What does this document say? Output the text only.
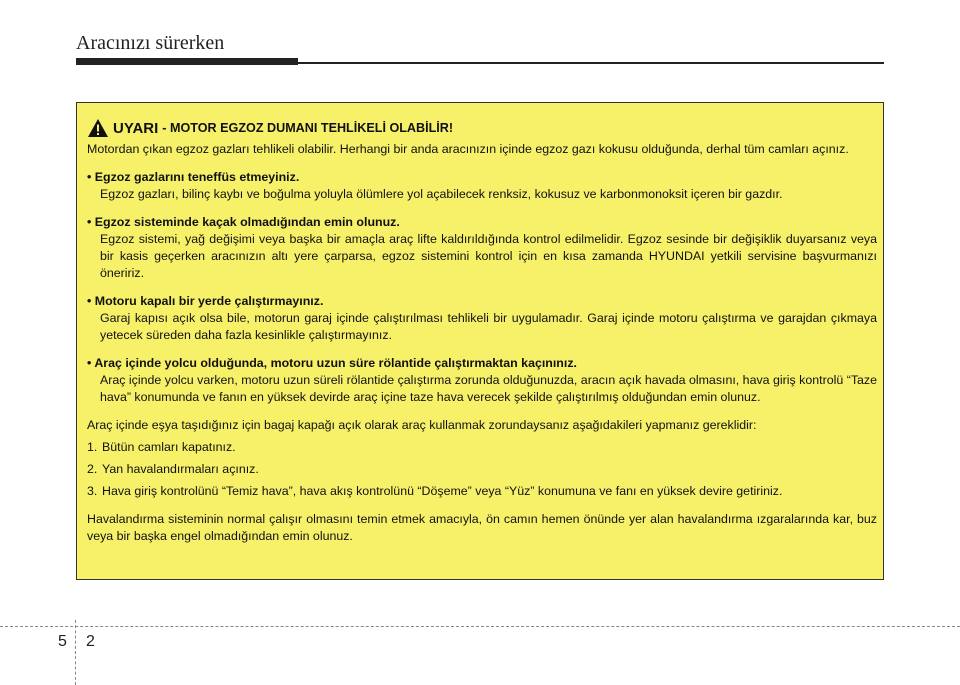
Aracınızı sürerken
UYARI - MOTOR EGZOZ DUMANI TEHLİKELİ OLABİLİR!

Motordan çıkan egzoz gazları tehlikeli olabilir. Herhangi bir anda aracınızın içinde egzoz gazı kokusu olduğunda, derhal tüm camları açınız.

• Egzoz gazlarını teneffüs etmeyiniz.

Egzoz gazları, bilinç kaybı ve boğulma yoluyla ölümlere yol açabilecek renksiz, kokusuz ve karbonmonoksit içeren bir gazdır.

• Egzoz sisteminde kaçak olmadığından emin olunuz.

Egzoz sistemi, yağ değişimi veya başka bir amaçla araç lifte kaldırıldığında kontrol edilmelidir. Egzoz sesinde bir değişiklik duyarsanız veya bir kasis geçerken aracınızın altı yere çarparsa, egzoz sistemini kontrol için en kısa zamanda HYUNDAI yetkili servisine başvurmanızı öneririz.

• Motoru kapalı bir yerde çalıştırmayınız.

Garaj kapısı açık olsa bile, motorun garaj içinde çalıştırılması tehlikeli bir uygulamadır. Garaj içinde motoru çalıştırma ve garajdan çıkmaya yetecek süreden daha fazla kesinlikle çalıştırmayınız.

• Araç içinde yolcu olduğunda, motoru uzun süre rölantide çalıştırmaktan kaçınınız.

Araç içinde yolcu varken, motoru uzun süreli rölantide çalıştırma zorunda olduğunuzda, aracın açık havada olmasını, hava giriş kontrolü “Taze hava” konumunda ve fanın en yüksek devirde araç içine taze hava verecek şekilde çalıştırılmış olduğundan emin olunuz.

Araç içinde eşya taşıdığınız için bagaj kapağı açık olarak araç kullanmak zorundaysanız aşağıdakileri yapmanız gereklidir:

1. Bütün camları kapatınız.
2. Yan havalandırmaları açınız.
3. Hava giriş kontrolünü “Temiz hava”, hava akış kontrolünü “Döşeme” veya “Yüz” konumuna ve fanı en yüksek devire getiriniz.

Havalandırma sisteminin normal çalışır olmasını temin etmek amacıyla, ön camın hemen önünde yer alan havalandırma ızgaralarında kar, buz veya bir başka engel olmadığından emin olunuz.

5 2
